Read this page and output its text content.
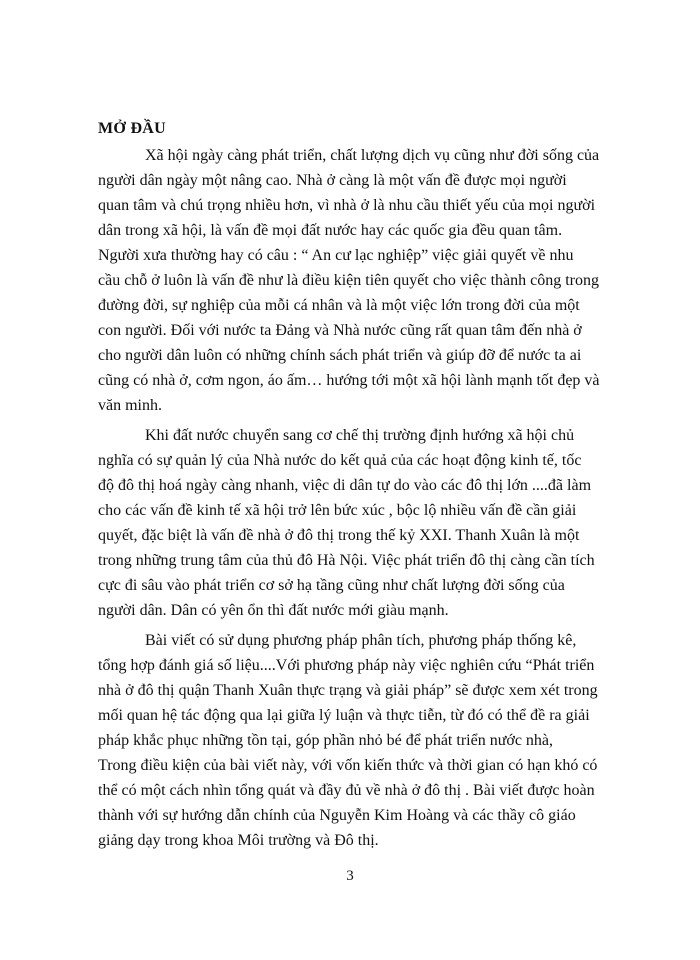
MỞ ĐẦU

Xã hội ngày càng phát triển, chất lượng dịch vụ cũng như đời sống của
người dân ngày một nâng cao. Nhà ở càng là một vấn đề được mọi người
quan tâm và chú trọng nhiều hơn, vì nhà ở là nhu cầu thiết yếu của mọi người
dân trong xã hội, là vấn đề mọi đất nước hay các quốc gia đều quan tâm.
Người xưa thường hay có câu : “ An cư lạc nghiệp” việc giải quyết về nhu
cầu chỗ ở luôn là vấn đề như là điều kiện tiên quyết cho việc thành công trong
đường đời, sự nghiệp của mỗi cá nhân và là một việc lớn trong đời của một
con người. Đối với nước ta Đảng và Nhà nước cũng rất quan tâm đến nhà ở
cho người dân luôn có những chính sách phát triển và giúp đỡ để nước ta ai
cũng có nhà ở, cơm ngon, áo ấm… hướng tới một xã hội lành mạnh tốt đẹp và
văn minh.

Khi đất nước chuyển sang cơ chế thị trường định hướng xã hội chủ
nghĩa có sự quản lý của Nhà nước do kết quả của các hoạt động kinh tế, tốc
độ đô thị hoá ngày càng nhanh, việc di dân tự do vào các đô thị lớn ....đã làm
cho các vấn đề kinh tế xã hội trở lên bức xúc , bộc lộ nhiều vấn đề cần giải
quyết, đặc biệt là vấn đề nhà ở đô thị trong thế kỷ XXI. Thanh Xuân là một
trong những trung tâm của thủ đô Hà Nội. Việc phát triển đô thị càng cần tích
cực đi sâu vào phát triển cơ sở hạ tầng cũng như chất lượng đời sống của
người dân. Dân có yên ổn thì đất nước mới giàu mạnh.

Bài viết có sử dụng phương pháp phân tích, phương pháp thống kê,
tổng hợp đánh giá số liệu....Với phương pháp này việc nghiên cứu “Phát triển
nhà ở đô thị quận Thanh Xuân thực trạng và giải pháp” sẽ được xem xét trong
mối quan hệ tác động qua lại giữa lý luận và thực tiễn, từ đó có thể đề ra giải
pháp khắc phục những tồn tại, góp phần nhỏ bé để phát triển nước nhà,
Trong điều kiện của bài viết này, với vốn kiến thức và thời gian có hạn khó có
thể có một cách nhìn tổng quát và đầy đủ về nhà ở đô thị . Bài viết được hoàn
thành với sự hướng dẫn chính của Nguyễn Kim Hoàng và các thầy cô giáo
giảng dạy trong khoa Môi trường và Đô thị.

3
